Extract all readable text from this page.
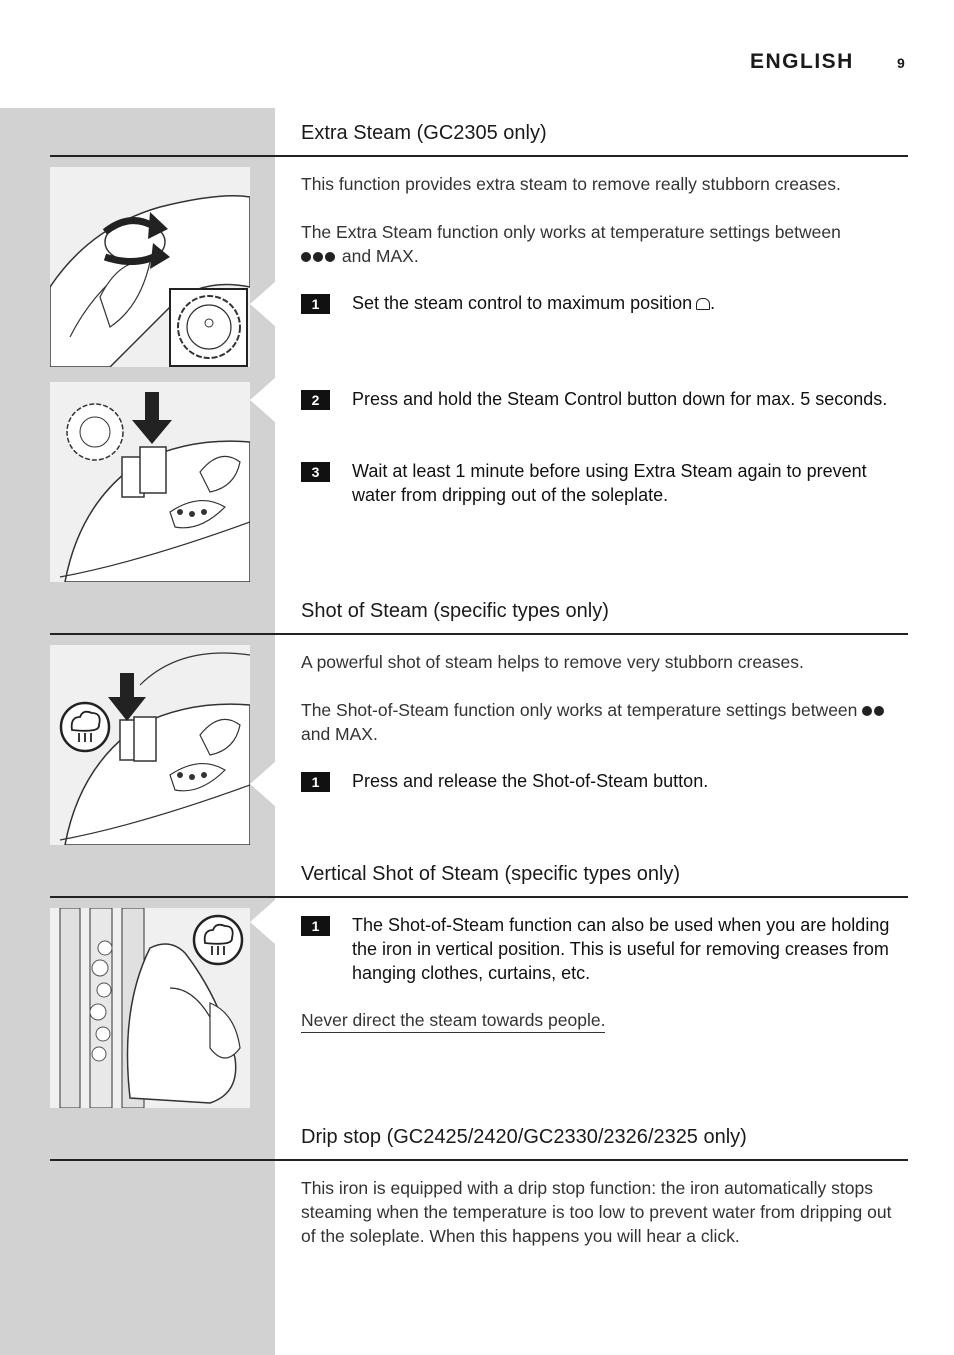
ENGLISH	9
Extra Steam (GC2305 only)
This function provides extra steam to remove really stubborn creases.
The Extra Steam function only works at temperature settings between
and MAX.
1	Set the steam control to maximum position .
2	Press and hold the Steam Control button down for max. 5 seconds.
3	Wait at least 1 minute before using Extra Steam again to prevent water from dripping out of the soleplate.
Shot of Steam (specific types only)
A powerful shot of steam helps to remove very stubborn creases.
The Shot-of-Steam function only works at temperature settings between  and MAX.
1	Press and release the Shot-of-Steam button.
Vertical Shot of Steam (specific types only)
1	The Shot-of-Steam function can also be used when you are holding the iron in vertical position. This is useful for removing creases from hanging clothes, curtains, etc.
Never direct the steam towards people.
Drip stop (GC2425/2420/GC2330/2326/2325 only)
This iron is equipped with a drip stop function: the iron automatically stops steaming when the temperature is too low to prevent water from dripping out of the soleplate. When this happens you will hear a click.
